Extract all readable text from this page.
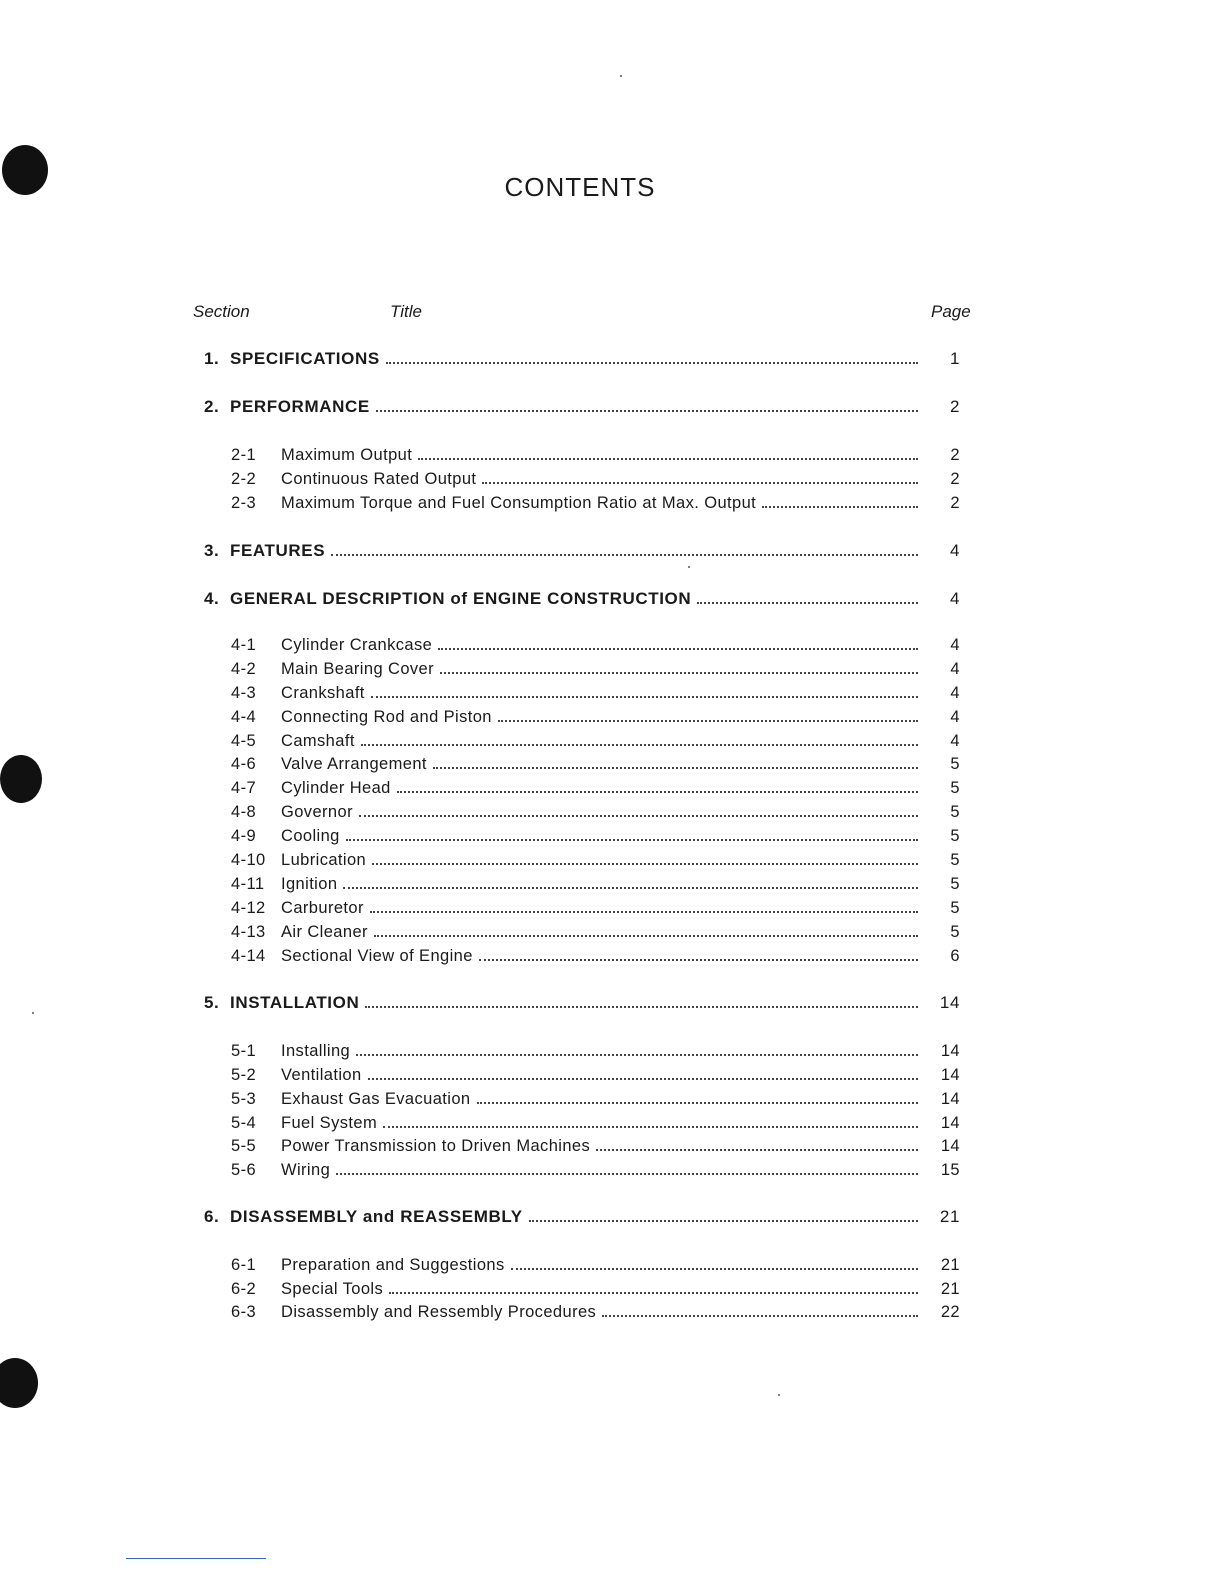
CONTENTS
Section	Title	Page
1. SPECIFICATIONS	1
2. PERFORMANCE	2
2-1	Maximum Output	2
2-2	Continuous Rated Output	2
2-3	Maximum Torque and Fuel Consumption Ratio at Max. Output	2
3. FEATURES	4
4. GENERAL DESCRIPTION of ENGINE CONSTRUCTION	4
4-1	Cylinder Crankcase	4
4-2	Main Bearing Cover	4
4-3	Crankshaft	4
4-4	Connecting Rod and Piston	4
4-5	Camshaft	4
4-6	Valve Arrangement	5
4-7	Cylinder Head	5
4-8	Governor	5
4-9	Cooling	5
4-10 Lubrication	5
4-11	Ignition	5
4-12 Carburetor	5
4-13 Air Cleaner	5
4-14 Sectional View of Engine	6
5. INSTALLATION	14
5-1	Installing	14
5-2	Ventilation	14
5-3	Exhaust Gas Evacuation	14
5-4	Fuel System	14
5-5	Power Transmission to Driven Machines	14
5-6	Wiring	15
6. DISASSEMBLY and REASSEMBLY	21
6-1	Preparation and Suggestions	21
6-2	Special Tools	21
6-3	Disassembly and Ressembly Procedures	22
